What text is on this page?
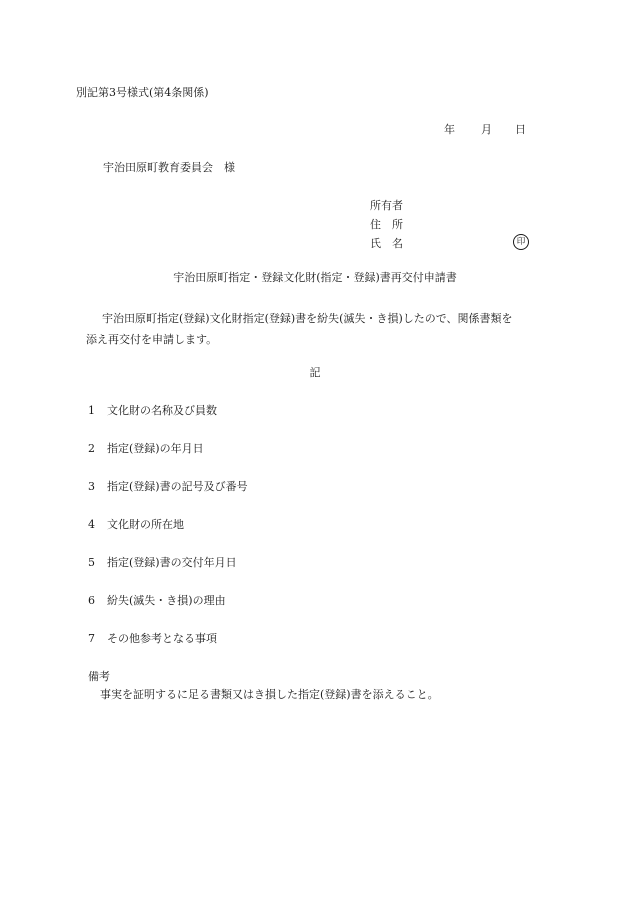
別記第3号様式(第4条関係)
年 月 日
宇治田原町教育委員会　様
所有者
住　所
氏　名	印
宇治田原町指定・登録文化財(指定・登録)書再交付申請書
宇治田原町指定(登録)文化財指定(登録)書を紛失(滅失・き損)したので、関係書類を
添え再交付を申請します。
記
1 文化財の名称及び員数
2 指定(登録)の年月日
3 指定(登録)書の記号及び番号
4 文化財の所在地
5 指定(登録)書の交付年月日
6 紛失(滅失・き損)の理由
7 その他参考となる事項
備考
事実を証明するに足る書類又はき損した指定(登録)書を添えること。
